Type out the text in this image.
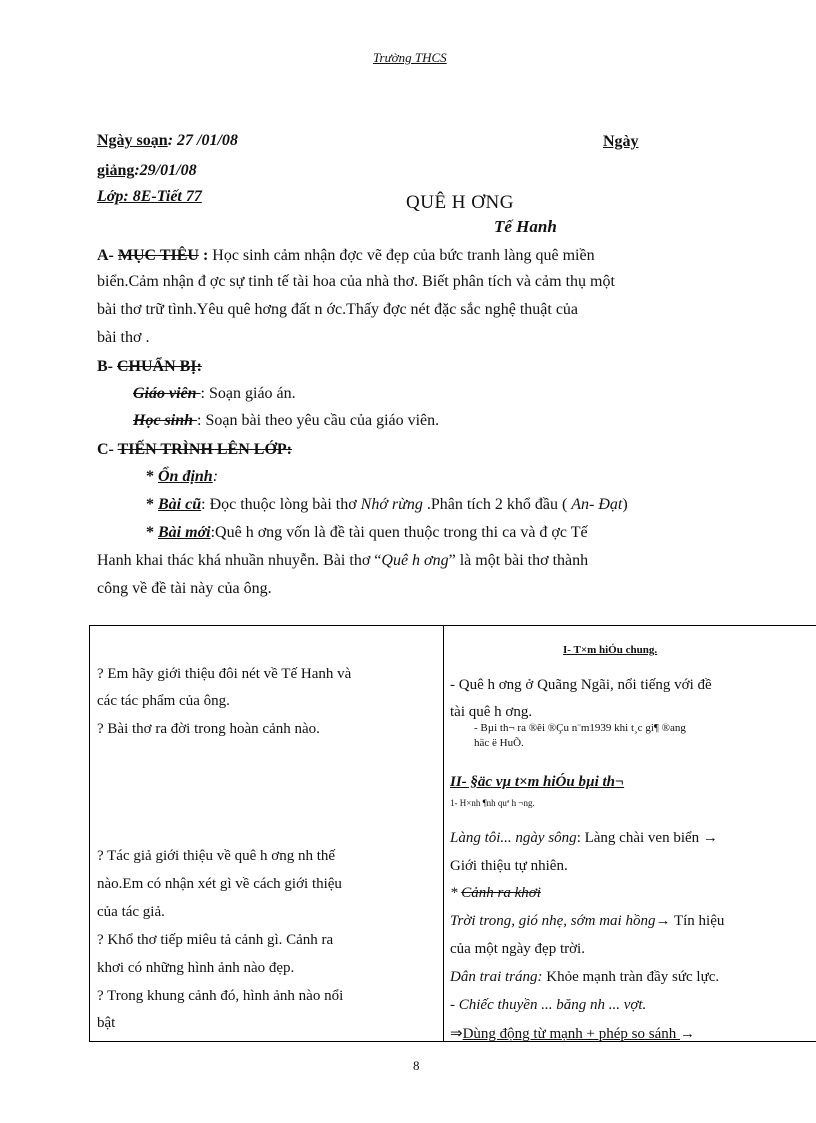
Trường THCS
Ngày soạn: 27 /01/08	Ngày
giảng:29/01/08
Lớp: 8E-Tiết 77	QUÊ H ƠNG
Tế Hanh
A- MỤC TIÊU : Học sinh cảm nhận đợc vẽ đẹp của bức tranh làng quê miền
biển.Cảm nhận đ ợc sự tinh tế tài hoa của nhà thơ. Biết phân tích và cảm thụ một
bài thơ trữ tình.Yêu quê hơng đất n ớc.Thấy đợc nét đặc sắc nghệ thuật của
bài thơ .
B- CHUẨN BỊ:
Giáo viên : Soạn giáo án.
Học sinh : Soạn bài theo yêu cầu của giáo viên.
C- TIẾN TRÌNH LÊN LỚP:
* Ổn định:
* Bài cũ: Đọc thuộc lòng bài thơ Nhớ rừng .Phân tích 2 khổ đầu ( An- Đạt)
* Bài mới:Quê h ơng vốn là đề tài quen thuộc trong thi ca và đ ợc Tế
Hanh khai thác khá nhuần nhuyễn. Bài thơ “Quê h ơng” là một bài thơ thành
công về đề tài này của ông.
? Em hãy giới thiệu đôi nét về Tế Hanh và
các tác phẩm của ông.
? Bài thơ ra đời trong hoàn cảnh nào.
? Tác giả giới thiệu về quê h ơng nh thế
nào.Em có nhận xét gì về cách giới thiệu
của tác giả.
? Khổ thơ tiếp miêu tả cảnh gì. Cảnh ra
khơi có những hình ảnh nào đẹp.
? Trong khung cảnh đó, hình ảnh nào nổi
bật
I- T×m hiÓu chung.
- Quê h ơng ở Quãng Ngãi, nổi tiếng với đề
tài quê h ơng.
- Bµi th¬ ra ®êi ®Çu n¨m1939 khi t¸c gi¶ ®ang
häc ë HuÕ.
II- §äc vµ t×m hiÓu bµi th¬
1- H×nh ¶nh quª h ¬ng.
Làng tôi... ngày sông: Làng chài ven biển →
Giới thiệu tự nhiên.
* Cảnh ra khơi
Trời trong, gió nhẹ, sớm mai hồng→ Tín hiệu
của một ngày đẹp trời.
Dân trai tráng: Khỏe mạnh tràn đầy sức lực.
- Chiếc thuyền ... băng nh ... vợt.
⇒Dùng động từ mạnh + phép so sánh →
8
